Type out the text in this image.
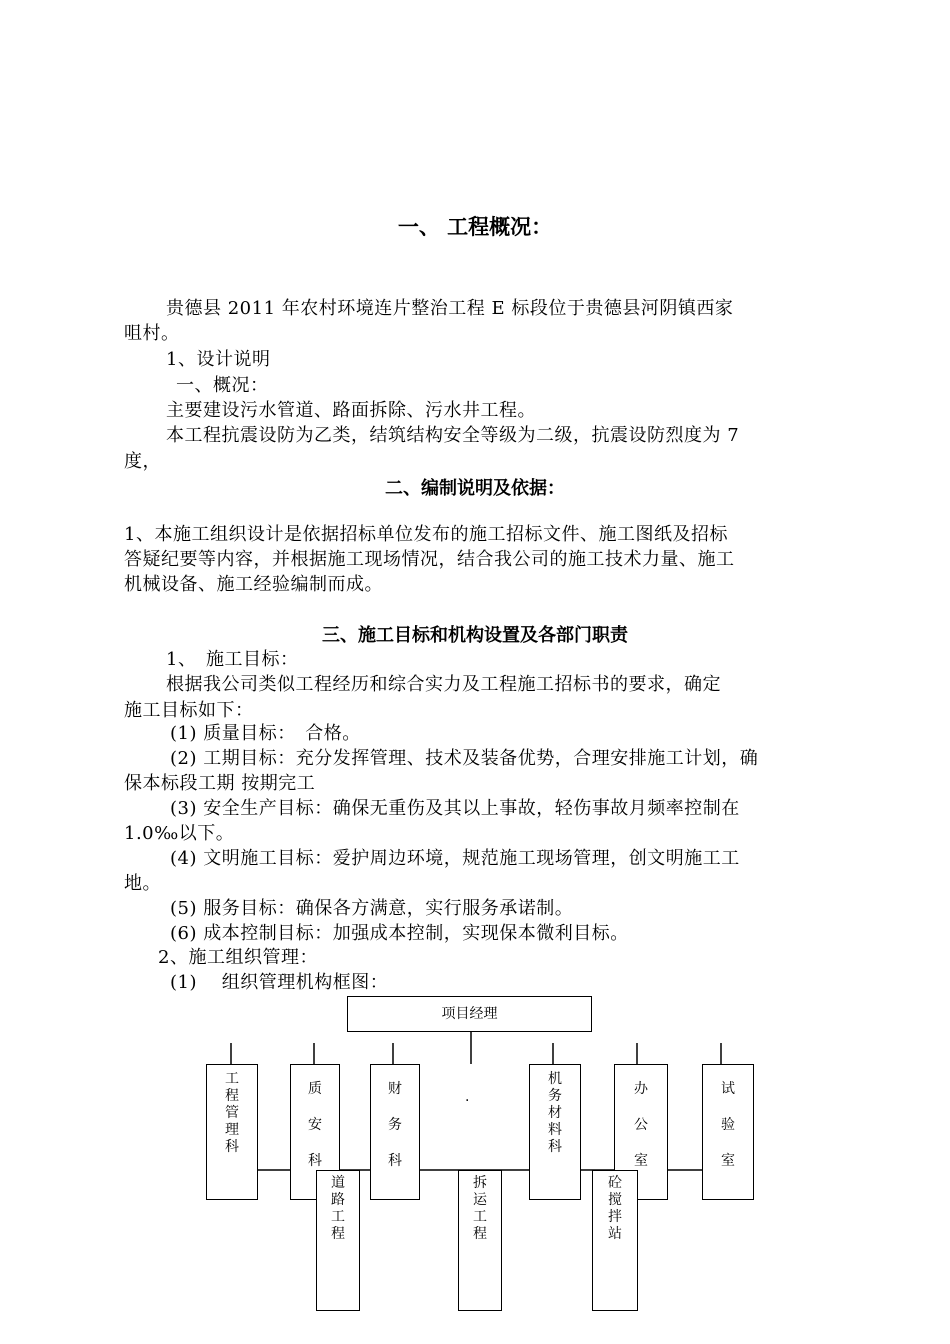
一、 工程概况：
贵德县 2011 年农村环境连片整治工程 E 标段位于贵德县河阴镇西家
咀村。
1、设计说明
一、概况：
主要建设污水管道、路面拆除、污水井工程。
本工程抗震设防为乙类，结筑结构安全等级为二级，抗震设防烈度为 7
度，
二、编制说明及依据：
1、本施工组织设计是依据招标单位发布的施工招标文件、施工图纸及招标
答疑纪要等内容，并根据施工现场情况，结合我公司的施工技术力量、施工
机械设备、施工经验编制而成。
三、施工目标和机构设置及各部门职责
1、　施工目标：
根据我公司类似工程经历和综合实力及工程施工招标书的要求，确定
施工目标如下：
(1) 质量目标：　合格。
(2) 工期目标：充分发挥管理、技术及装备优势，合理安排施工计划，确
保本标段工期 按期完工
(3) 安全生产目标：确保无重伤及其以上事故，轻伤事故月频率控制在
1.0‰以下。
(4) 文明施工目标：爱护周边环境，规范施工现场管理，创文明施工工
地。
(5) 服务目标：确保各方满意，实行服务承诺制。
(6) 成本控制目标：加强成本控制，实现保本微利目标。
2、施工组织管理：
(1)　 组织管理机构框图：
项目经理
工
程
管
理
科
质
安
科
财
务
科
机
务
材
料
科
办
公
室
试
验
室
·
道
路
工
程
拆
运
工
程
砼
搅
拌
站
